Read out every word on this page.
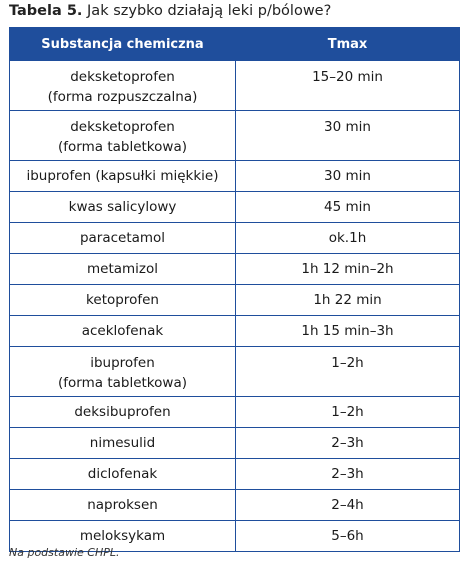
Tabela 5. Jak szybko działają leki p/bólowe?
Substancja chemiczna	Tmax

deksketoprofen
(forma rozpuszczalna)	15–20 min

deksketoprofen
(forma tabletkowa)	30 min

ibuprofen (kapsułki miękkie)	30 min

kwas salicylowy	45 min

paracetamol	ok.1h

metamizol	1h 12 min–2h

ketoprofen	1h 22 min

aceklofenak	1h 15 min–3h

ibuprofen
(forma tabletkowa)	1–2h

deksibuprofen	1–2h

nimesulid	2–3h

diclofenak	2–3h

naproksen	2–4h

meloksykam	5–6h
Na podstawie CHPL.
